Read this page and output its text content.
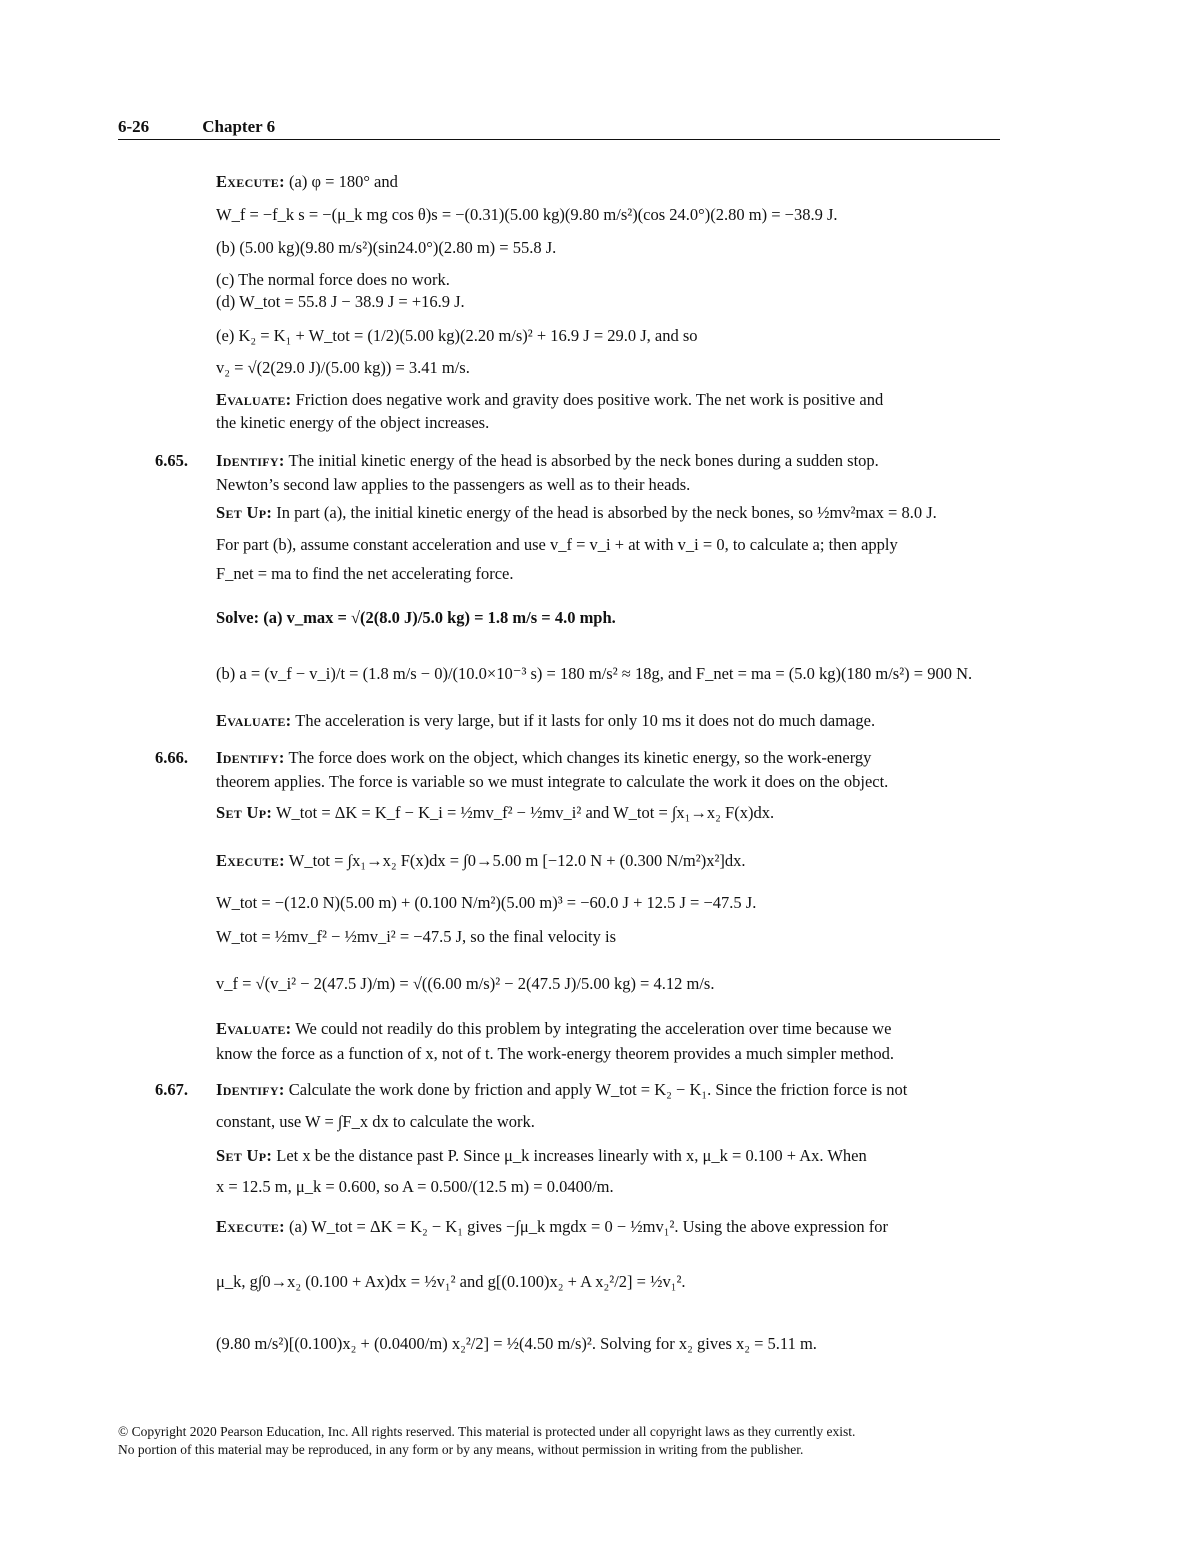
6-26	Chapter 6
Execute: (a) φ = 180° and
W_f = −f_k s = −(μ_k mg cos θ)s = −(0.31)(5.00 kg)(9.80 m/s²)(cos 24.0°)(2.80 m) = −38.9 J.
(b) (5.00 kg)(9.80 m/s²)(sin24.0°)(2.80 m) = 55.8 J.
(c) The normal force does no work.
(d) W_tot = 55.8 J − 38.9 J = +16.9 J.
(e) K₂ = K₁ + W_tot = (1/2)(5.00 kg)(2.20 m/s)² + 16.9 J = 29.0 J, and so
v₂ = √(2(29.0 J)/(5.00 kg)) = 3.41 m/s.
Evaluate: Friction does negative work and gravity does positive work. The net work is positive and
the kinetic energy of the object increases.
6.65. Identify: The initial kinetic energy of the head is absorbed by the neck bones during a sudden stop.
Newton’s second law applies to the passengers as well as to their heads.
Set Up: In part (a), the initial kinetic energy of the head is absorbed by the neck bones, so ½mv²max = 8.0 J.
For part (b), assume constant acceleration and use v_f = v_i + at with v_i = 0, to calculate a; then apply
F_net = ma to find the net accelerating force.
Solve: (a) v_max = √(2(8.0 J)/5.0 kg) = 1.8 m/s = 4.0 mph.
(b) a = (v_f − v_i)/t = (1.8 m/s − 0)/(10.0×10⁻³ s) = 180 m/s² ≈ 18g, and F_net = ma = (5.0 kg)(180 m/s²) = 900 N.
Evaluate: The acceleration is very large, but if it lasts for only 10 ms it does not do much damage.
6.66. Identify: The force does work on the object, which changes its kinetic energy, so the work-energy
theorem applies. The force is variable so we must integrate to calculate the work it does on the object.
Set Up: W_tot = ΔK = K_f − K_i = ½mv_f² − ½mv_i² and W_tot = ∫x₁→x₂ F(x)dx.
Execute: W_tot = ∫x₁→x₂ F(x)dx = ∫0→5.00 m [−12.0 N + (0.300 N/m²)x²]dx.
W_tot = −(12.0 N)(5.00 m) + (0.100 N/m²)(5.00 m)³ = −60.0 J + 12.5 J = −47.5 J.
W_tot = ½mv_f² − ½mv_i² = −47.5 J, so the final velocity is
v_f = √(v_i² − 2(47.5 J)/m) = √((6.00 m/s)² − 2(47.5 J)/5.00 kg) = 4.12 m/s.
Evaluate: We could not readily do this problem by integrating the acceleration over time because we
know the force as a function of x, not of t. The work-energy theorem provides a much simpler method.
6.67. Identify: Calculate the work done by friction and apply W_tot = K₂ − K₁. Since the friction force is not
constant, use W = ∫F_x dx to calculate the work.
Set Up: Let x be the distance past P. Since μ_k increases linearly with x, μ_k = 0.100 + Ax. When
x = 12.5 m, μ_k = 0.600, so A = 0.500/(12.5 m) = 0.0400/m.
Execute: (a) W_tot = ΔK = K₂ − K₁ gives −∫μ_k mgdx = 0 − ½mv₁². Using the above expression for
μ_k, g∫0→x₂ (0.100 + Ax)dx = ½v₁² and g[(0.100)x₂ + A x₂²/2] = ½v₁².
(9.80 m/s²)[(0.100)x₂ + (0.0400/m) x₂²/2] = ½(4.50 m/s)². Solving for x₂ gives x₂ = 5.11 m.
© Copyright 2020 Pearson Education, Inc. All rights reserved. This material is protected under all copyright laws as they currently exist.
No portion of this material may be reproduced, in any form or by any means, without permission in writing from the publisher.
